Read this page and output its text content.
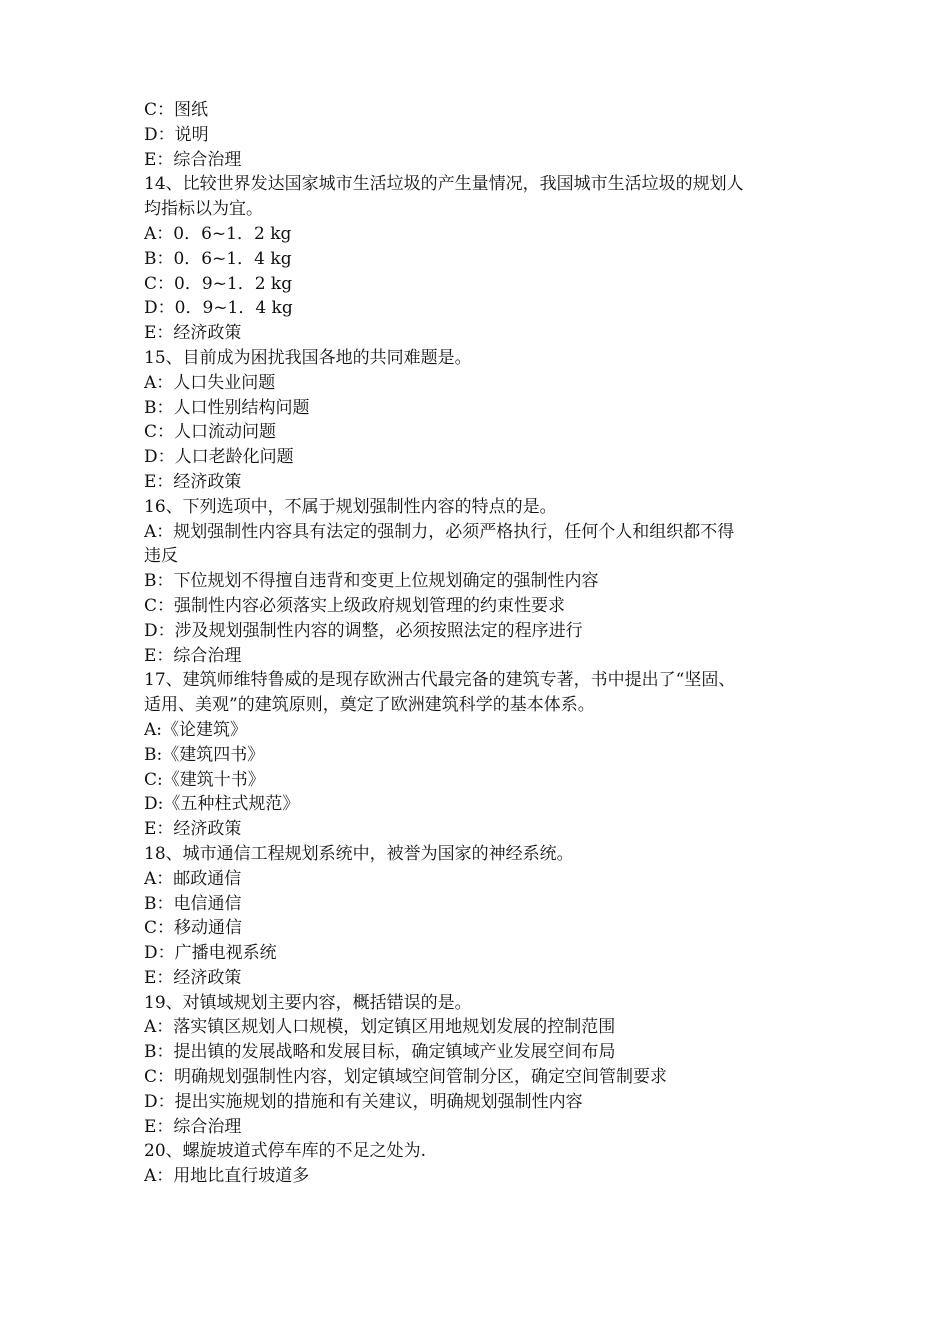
C：图纸
D：说明
E：综合治理
14、比较世界发达国家城市生活垃圾的产生量情况，我国城市生活垃圾的规划人
均指标以为宜。
A：0．6~1．2 kg
B：0．6~1．4 kg
C：0．9~1．2 kg
D：0．9~1．4 kg
E：经济政策
15、目前成为困扰我国各地的共同难题是。
A：人口失业问题
B：人口性别结构问题
C：人口流动问题
D：人口老龄化问题
E：经济政策
16、下列选项中，不属于规划强制性内容的特点的是。
A：规划强制性内容具有法定的强制力，必须严格执行，任何个人和组织都不得
违反
B：下位规划不得擅自违背和变更上位规划确定的强制性内容
C：强制性内容必须落实上级政府规划管理的约束性要求
D：涉及规划强制性内容的调整，必须按照法定的程序进行
E：综合治理
17、建筑师维特鲁威的是现存欧洲古代最完备的建筑专著，书中提出了“坚固、
适用、美观”的建筑原则，奠定了欧洲建筑科学的基本体系。
A:《论建筑》
B:《建筑四书》
C:《建筑十书》
D:《五种柱式规范》
E：经济政策
18、城市通信工程规划系统中，被誉为国家的神经系统。
A：邮政通信
B：电信通信
C：移动通信
D：广播电视系统
E：经济政策
19、对镇域规划主要内容，概括错误的是。
A：落实镇区规划人口规模，划定镇区用地规划发展的控制范围
B：提出镇的发展战略和发展目标，确定镇域产业发展空间布局
C：明确规划强制性内容，划定镇域空间管制分区，确定空间管制要求
D：提出实施规划的措施和有关建议，明确规划强制性内容
E：综合治理
20、螺旋坡道式停车库的不足之处为.
A：用地比直行坡道多
